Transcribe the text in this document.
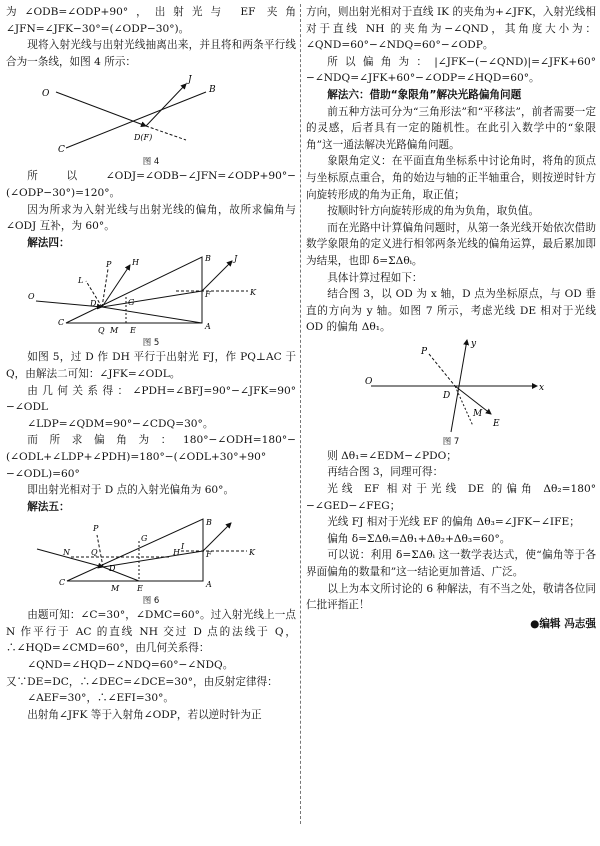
为∠ODB=∠ODP+90°，出射光与 EF 夹角∠JFN=∠JFK−30°=(∠ODP−30°)。

现将入射光线与出射光线抽离出来，并且将和两条平行线合为一条线，如图 4 所示：

O
J
B
D(F)
C
图 4

所以∠ODJ=∠ODB−∠JFN=∠ODP+90°−(∠ODP−30°)=120°。

因为所求为入射光线与出射光线的偏角，故所求偏角与∠ODJ 互补，为 60°。

解法四：

P	H	B	J
L
D	G
K
O
C
Q M E
F
A
图 5

如图 5，过 D 作 DH 平行于出射光 FJ，作 PQ⊥AC 于 Q，由解法二可知：∠JFK=∠ODL。

由几何关系得：∠PDH=∠BFJ=90°−∠JFK=90°−∠ODL

∠LDP=∠QDM=90°−∠CDQ=30°。

而所求偏角为：180°−∠ODH=180°−(∠ODL+∠LDP+∠PDH)=180°−(∠ODL+30°+90°−∠ODL)=60°

即出射光相对于 D 点的入射光偏角为 60°。

解法五：

P
G
B
N	Q	H
I
K
D
F
C
M E	A
图 6

由题可知：∠C=30°，∠DMC=60°。过入射光线上一点 N 作平行于 AC 的直线 NH 交过 D 点的法线于 Q，∴∠HQD=∠CMD=60°，由几何关系得：

∠QND=∠HQD−∠NDQ=60°−∠NDQ。

又∵DE=DC，∴∠DEC=∠DCE=30°，由反射定律得：

∠AEF=30°，∴∠EFI=30°。

出射角∠JFK 等于入射角∠ODP，若以逆时针为正

方向，则出射光相对于直线 IK 的夹角为+∠JFK，入射光线相对于直线 NH 的夹角为−∠QND，其角度大小为：∠QND=60°−∠NDQ=60°−∠ODP。

所以偏角为：|∠JFK−(−∠QND)|=∠JFK+60°−∠NDQ=∠JFK+60°−∠ODP=∠HQD=60°。

解法六：借助“象限角”解决光路偏角问题

前五种方法可分为“三角形法”和“平移法”，前者需要一定的灵感，后者具有一定的随机性。在此引入数学中的“象限角”这一通法解决光路偏角问题。

象限角定义：在平面直角坐标系中讨论角时，将角的顶点与坐标原点重合，角的始边与轴的正半轴重合，则按逆时针方向旋转形成的角为正角，取正值；

按顺时针方向旋转形成的角为负角，取负值。

而在光路中计算偏角问题时，从第一条光线开始依次借助数学象限角的定义进行相邻两条光线的偏角运算，最后累加即为结果，也即 δ=ΣΔθᵢ。

具体计算过程如下：

结合图 3，以 OD 为 x 轴，D 点为坐标原点，与 OD 垂直的方向为 y 轴。如图 7 所示，考虑光线 DE 相对于光线 OD 的偏角 Δθ₁。

y
P
O
D
x
M
E
图 7

则 Δθ₁=∠EDM−∠PDO；

再结合图 3，同理可得：

光线 EF 相对于光线 DE 的偏角 Δθ₂=180°−∠GED−∠FEG；

光线 FJ 相对于光线 EF 的偏角 Δθ₃=∠JFK−∠IFE；

偏角 δ=ΣΔθᵢ=Δθ₁+Δθ₂+Δθ₃=60°。

可以说：利用 δ=ΣΔθᵢ 这一数学表达式，使“偏角等于各界面偏角的数量和”这一结论更加普适、广泛。

以上为本文所讨论的 6 种解法，有不当之处，敬请各位同仁批评指正！

●编辑 冯志强
